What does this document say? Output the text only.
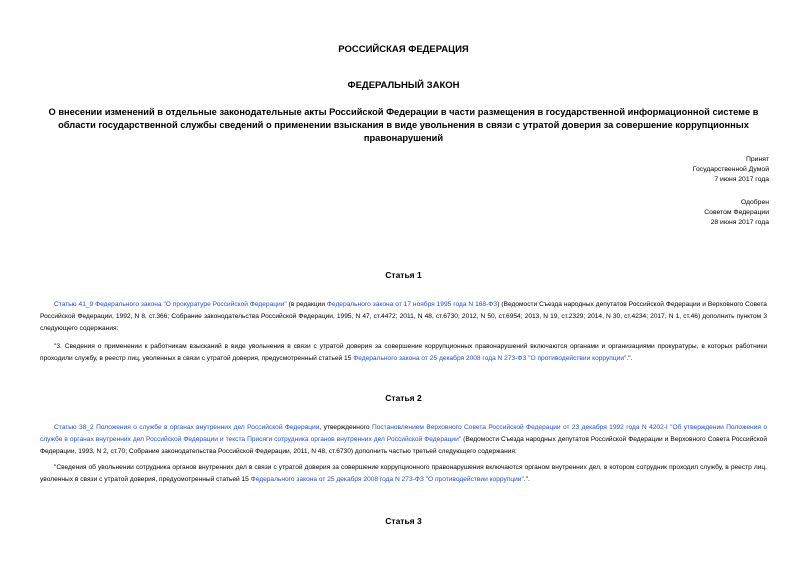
РОССИЙСКАЯ ФЕДЕРАЦИЯ
ФЕДЕРАЛЬНЫЙ ЗАКОН
О внесении изменений в отдельные законодательные акты Российской Федерации в части размещения в государственной информационной системе в области государственной службы сведений о применении взыскания в виде увольнения в связи с утратой доверия за совершение коррупционных правонарушений
Принят
Государственной Думой
7 июня 2017 года
Одобрен
Советом Федерации
28 июня 2017 года
Статья 1
Статью 41_9 Федерального закона "О прокуратуре Российской Федерации" (в редакции Федерального закона от 17 ноября 1995 года N 168-ФЗ) (Ведомости Съезда народных депутатов Российской Федерации и Верховного Совета Российской Федерации, 1992, N 8, ст.366; Собрание законодательства Российской Федерации, 1995, N 47, ст.4472; 2011, N 48, ст.6730; 2012, N 50, ст.6954; 2013, N 19, ст.2329; 2014, N 30, ст.4234; 2017, N 1, ст.46) дополнить пунктом 3 следующего содержания:
"3. Сведения о применении к работникам взысканий в виде увольнения в связи с утратой доверия за совершение коррупционных правонарушений включаются органами и организациями прокуратуры, в которых работники проходили службу, в реестр лиц, уволенных в связи с утратой доверия, предусмотренный статьей 15 Федерального закона от 25 декабря 2008 года N 273-ФЗ "О противодействии коррупции".".
Статья 2
Статью 38_2 Положения о службе в органах внутренних дел Российской Федерации, утвержденного Постановлением Верховного Совета Российской Федерации от 23 декабря 1992 года N 4202-I "Об утверждении Положения о службе в органах внутренних дел Российской Федерации и текста Присяги сотрудника органов внутренних дел Российской Федерации" (Ведомости Съезда народных депутатов Российской Федерации и Верховного Совета Российской Федерации, 1993, N 2, ст.70; Собрание законодательства Российской Федерации, 2011, N 48, ст.6730) дополнить частью третьей следующего содержания:
"Сведения об увольнении сотрудника органов внутренних дел в связи с утратой доверия за совершение коррупционного правонарушения включаются органом внутренних дел, в котором сотрудник проходил службу, в реестр лиц, уволенных в связи с утратой доверия, предусмотренный статьей 15 Федерального закона от 25 декабря 2008 года N 273-ФЗ "О противодействии коррупции".".
Статья 3
